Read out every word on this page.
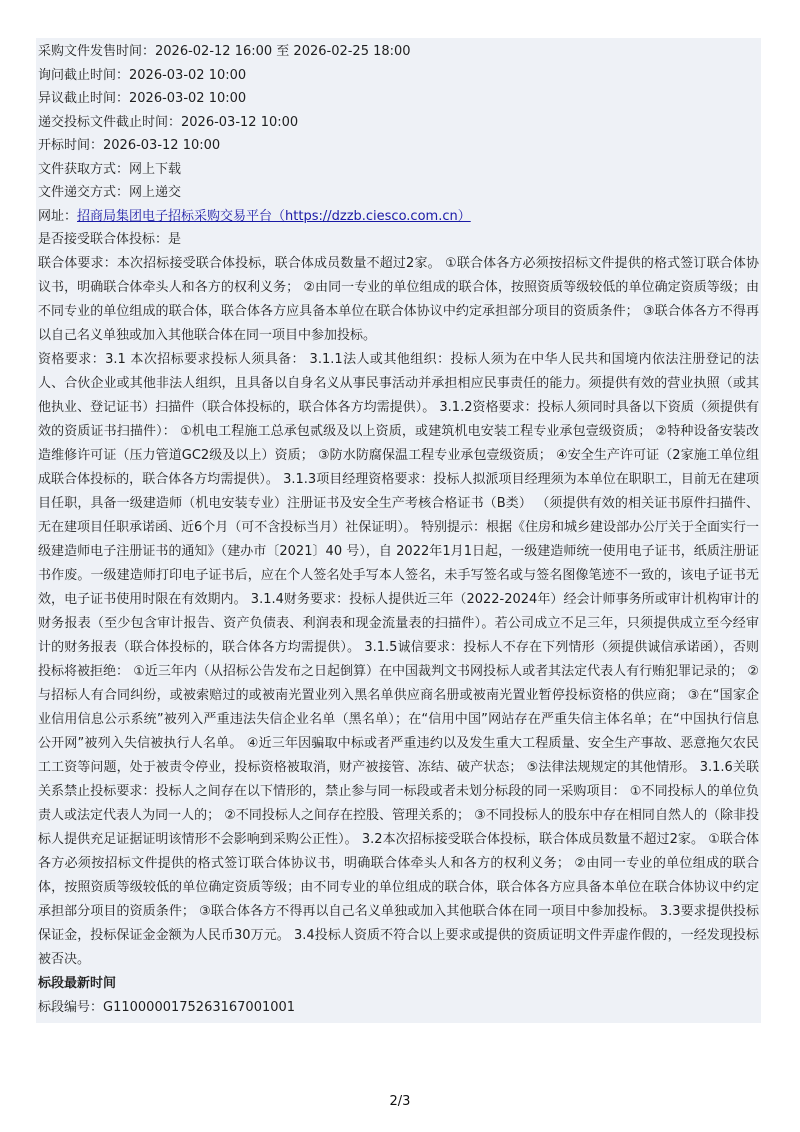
采购文件发售时间：2026-02-12 16:00 至 2026-02-25 18:00
询问截止时间：2026-03-02 10:00
异议截止时间：2026-03-02 10:00
递交投标文件截止时间：2026-03-12 10:00
开标时间：2026-03-12 10:00
文件获取方式：网上下载
文件递交方式：网上递交
网址：招商局集团电子招标采购交易平台（https://dzzb.ciesco.com.cn）
是否接受联合体投标：是
联合体要求：本次招标接受联合体投标，联合体成员数量不超过2家。 ①联合体各方必须按招标文件提供的格式签订联合体协议书，明确联合体牵头人和各方的权利义务； ②由同一专业的单位组成的联合体，按照资质等级较低的单位确定资质等级；由不同专业的单位组成的联合体，联合体各方应具备本单位在联合体协议中约定承担部分项目的资质条件； ③联合体各方不得再以自己名义单独或加入其他联合体在同一项目中参加投标。
资格要求：3.1 本次招标要求投标人须具备： 3.1.1法人或其他组织：投标人须为在中华人民共和国境内依法注册登记的法人、合伙企业或其他非法人组织，且具备以自身名义从事民事活动并承担相应民事责任的能力。须提供有效的营业执照（或其他执业、登记证书）扫描件（联合体投标的，联合体各方均需提供）。 3.1.2资格要求：投标人须同时具备以下资质（须提供有效的资质证书扫描件）： ①机电工程施工总承包贰级及以上资质，或建筑机电安装工程专业承包壹级资质； ②特种设备安装改造维修许可证（压力管道GC2级及以上）资质； ③防水防腐保温工程专业承包壹级资质； ④安全生产许可证（2家施工单位组成联合体投标的，联合体各方均需提供）。 3.1.3项目经理资格要求：投标人拟派项目经理须为本单位在职职工，目前无在建项目任职，具备一级建造师（机电安装专业）注册证书及安全生产考核合格证书（B类） （须提供有效的相关证书原件扫描件、无在建项目任职承诺函、近6个月（可不含投标当月）社保证明）。 特别提示：根据《住房和城乡建设部办公厅关于全面实行一级建造师电子注册证书的通知》（建办市〔2021〕40 号），自 2022年1月1日起，一级建造师统一使用电子证书，纸质注册证书作废。一级建造师打印电子证书后，应在个人签名处手写本人签名，未手写签名或与签名图像笔迹不一致的，该电子证书无效，电子证书使用时限在有效期内。 3.1.4财务要求：投标人提供近三年（2022-2024年）经会计师事务所或审计机构审计的财务报表（至少包含审计报告、资产负债表、利润表和现金流量表的扫描件）。若公司成立不足三年，只须提供成立至今经审计的财务报表（联合体投标的，联合体各方均需提供）。 3.1.5诚信要求：投标人不存在下列情形（须提供诚信承诺函），否则投标将被拒绝： ①近三年内（从招标公告发布之日起倒算）在中国裁判文书网投标人或者其法定代表人有行贿犯罪记录的； ②与招标人有合同纠纷，或被索赔过的或被南光置业列入黑名单供应商名册或被南光置业暂停投标资格的供应商； ③在“国家企业信用信息公示系统”被列入严重违法失信企业名单（黑名单）；在“信用中国”网站存在严重失信主体名单；在“中国执行信息公开网”被列入失信被执行人名单。 ④近三年因骗取中标或者严重违约以及发生重大工程质量、安全生产事故、恶意拖欠农民工工资等问题，处于被责令停业，投标资格被取消，财产被接管、冻结、破产状态； ⑤法律法规规定的其他情形。 3.1.6关联关系禁止投标要求：投标人之间存在以下情形的，禁止参与同一标段或者未划分标段的同一采购项目： ①不同投标人的单位负责人或法定代表人为同一人的； ②不同投标人之间存在控股、管理关系的； ③不同投标人的股东中存在相同自然人的（除非投标人提供充足证据证明该情形不会影响到采购公正性）。 3.2本次招标接受联合体投标，联合体成员数量不超过2家。 ①联合体各方必须按招标文件提供的格式签订联合体协议书，明确联合体牵头人和各方的权利义务； ②由同一专业的单位组成的联合体，按照资质等级较低的单位确定资质等级；由不同专业的单位组成的联合体，联合体各方应具备本单位在联合体协议中约定承担部分项目的资质条件； ③联合体各方不得再以自己名义单独或加入其他联合体在同一项目中参加投标。 3.3要求提供投标保证金，投标保证金金额为人民币30万元。 3.4投标人资质不符合以上要求或提供的资质证明文件弄虚作假的，一经发现投标被否决。
标段最新时间
标段编号：G1100000175263167001001
2/3
